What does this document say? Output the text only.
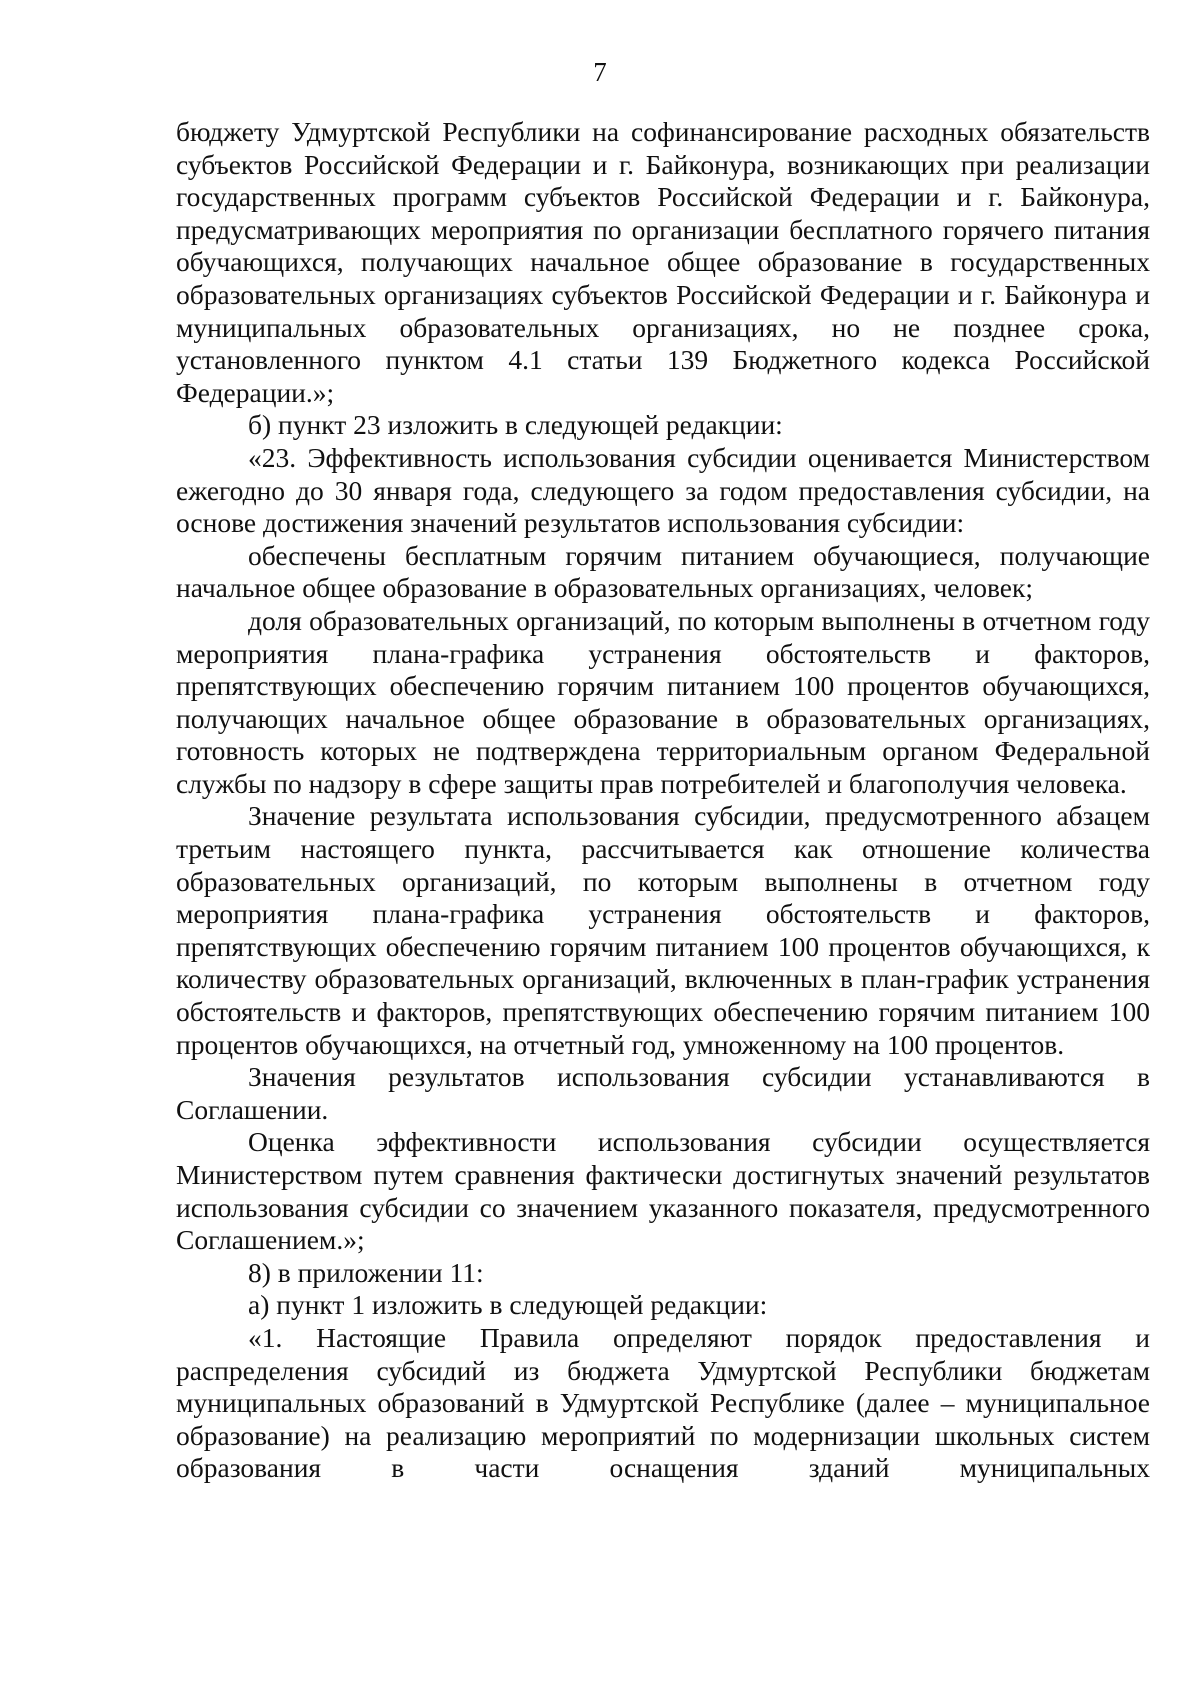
7

бюджету Удмуртской Республики на софинансирование расходных обязательств субъектов Российской Федерации и г. Байконура, возникающих при реализации государственных программ субъектов Российской Федерации и г. Байконура, предусматривающих мероприятия по организации бесплатного горячего питания обучающихся, получающих начальное общее образование в государственных образовательных организациях субъектов Российской Федерации и г. Байконура и муниципальных образовательных организациях, но не позднее срока, установленного пунктом 4.1 статьи 139 Бюджетного кодекса Российской Федерации.»;

б) пункт 23 изложить в следующей редакции:

«23. Эффективность использования субсидии оценивается Министерством ежегодно до 30 января года, следующего за годом предоставления субсидии, на основе достижения значений результатов использования субсидии:

обеспечены бесплатным горячим питанием обучающиеся, получающие начальное общее образование в образовательных организациях, человек;

доля образовательных организаций, по которым выполнены в отчетном году мероприятия плана-графика устранения обстоятельств и факторов, препятствующих обеспечению горячим питанием 100 процентов обучающихся, получающих начальное общее образование в образовательных организациях, готовность которых не подтверждена территориальным органом Федеральной службы по надзору в сфере защиты прав потребителей и благополучия человека.

Значение результата использования субсидии, предусмотренного абзацем третьим настоящего пункта, рассчитывается как отношение количества образовательных организаций, по которым выполнены в отчетном году мероприятия плана-графика устранения обстоятельств и факторов, препятствующих обеспечению горячим питанием 100 процентов обучающихся, к количеству образовательных организаций, включенных в план-график устранения обстоятельств и факторов, препятствующих обеспечению горячим питанием 100 процентов обучающихся, на отчетный год, умноженному на 100 процентов.

Значения результатов использования субсидии устанавливаются в Соглашении.

Оценка эффективности использования субсидии осуществляется Министерством путем сравнения фактически достигнутых значений результатов использования субсидии со значением указанного показателя, предусмотренного Соглашением.»;

8) в приложении 11:

а) пункт 1 изложить в следующей редакции:

«1. Настоящие Правила определяют порядок предоставления и распределения субсидий из бюджета Удмуртской Республики бюджетам муниципальных образований в Удмуртской Республике (далее – муниципальное образование) на реализацию мероприятий по модернизации школьных систем образования в части оснащения зданий муниципальных
